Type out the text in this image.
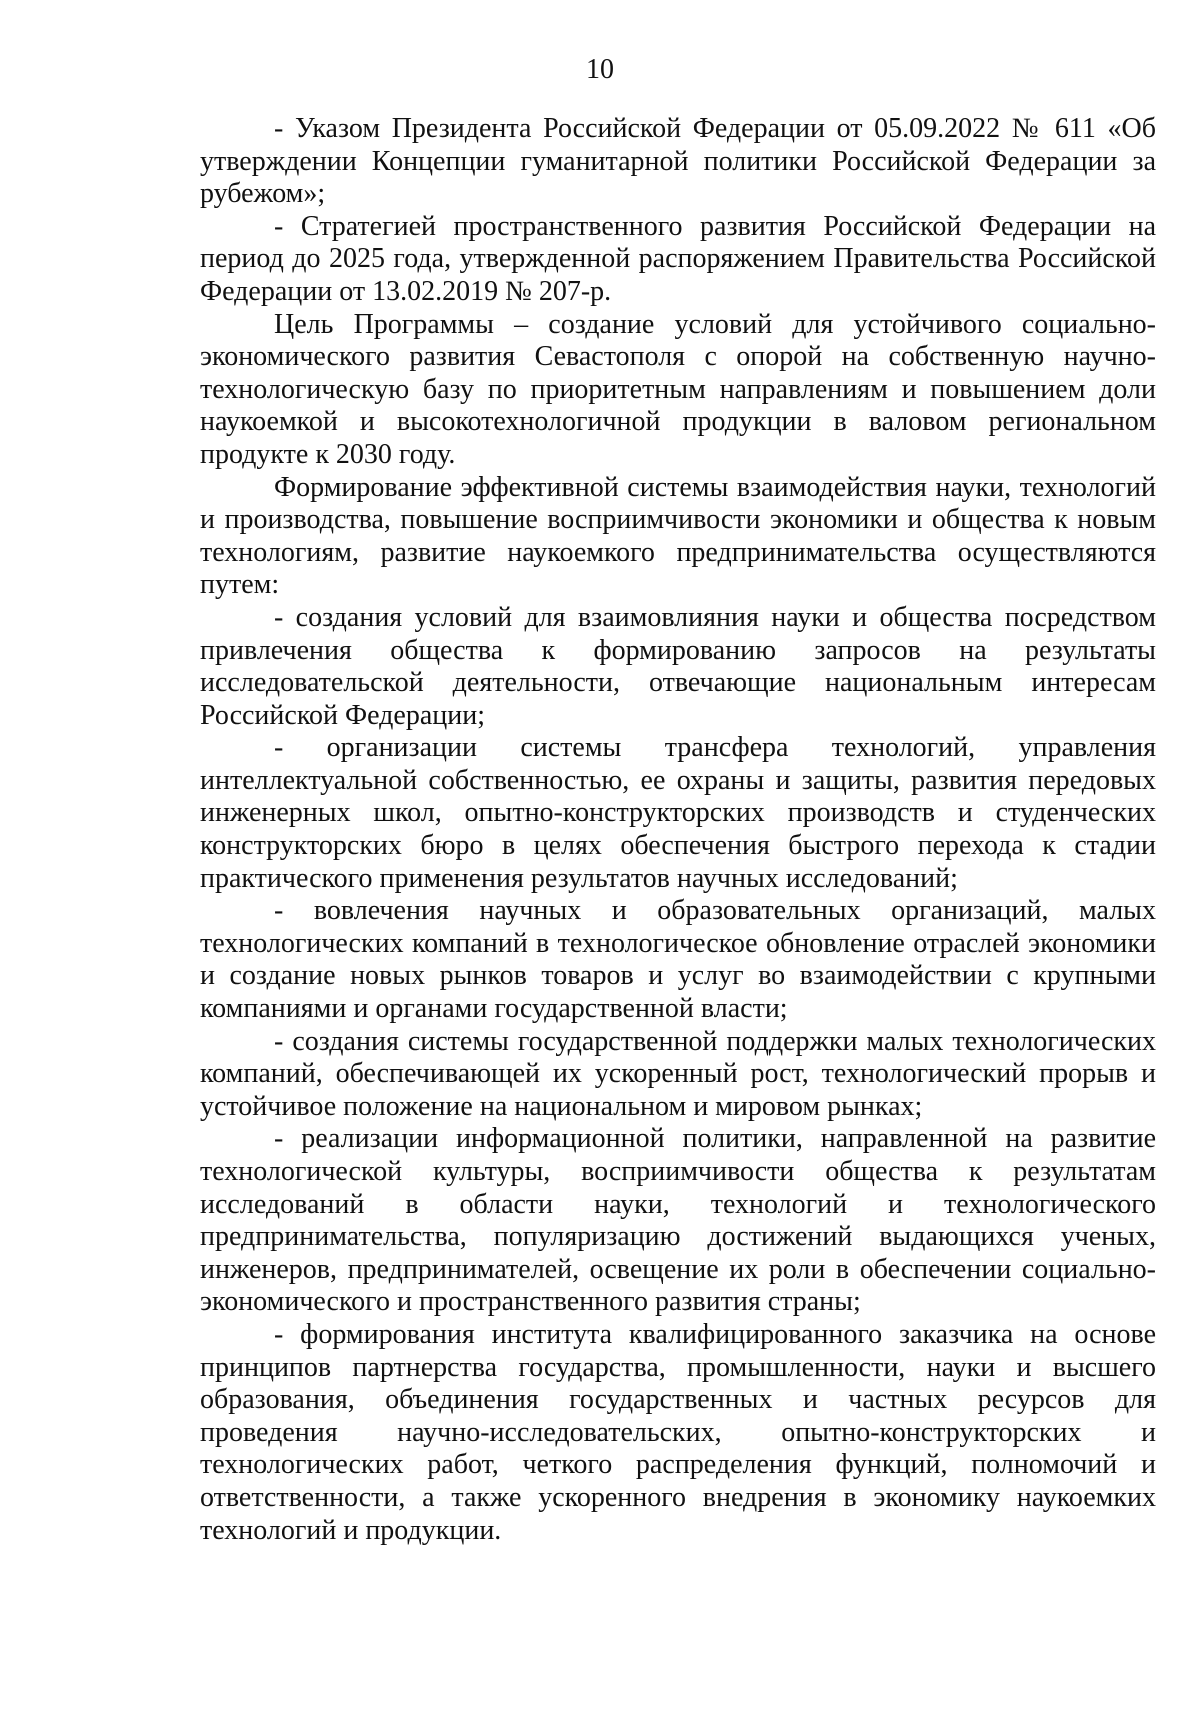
10

- Указом Президента Российской Федерации от 05.09.2022 № 611 «Об утверждении Концепции гуманитарной политики Российской Федерации за рубежом»;

- Стратегией пространственного развития Российской Федерации на период до 2025 года, утвержденной распоряжением Правительства Российской Федерации от 13.02.2019 № 207-р.

Цель Программы – создание условий для устойчивого социально-экономического развития Севастополя с опорой на собственную научно-технологическую базу по приоритетным направлениям и повышением доли наукоемкой и высокотехнологичной продукции в валовом региональном продукте к 2030 году.

Формирование эффективной системы взаимодействия науки, технологий и производства, повышение восприимчивости экономики и общества к новым технологиям, развитие наукоемкого предпринимательства осуществляются путем:

- создания условий для взаимовлияния науки и общества посредством привлечения общества к формированию запросов на результаты исследовательской деятельности, отвечающие национальным интересам Российской Федерации;

- организации системы трансфера технологий, управления интеллектуальной собственностью, ее охраны и защиты, развития передовых инженерных школ, опытно-конструкторских производств и студенческих конструкторских бюро в целях обеспечения быстрого перехода к стадии практического применения результатов научных исследований;

- вовлечения научных и образовательных организаций, малых технологических компаний в технологическое обновление отраслей экономики и создание новых рынков товаров и услуг во взаимодействии с крупными компаниями и органами государственной власти;

- создания системы государственной поддержки малых технологических компаний, обеспечивающей их ускоренный рост, технологический прорыв и устойчивое положение на национальном и мировом рынках;

- реализации информационной политики, направленной на развитие технологической культуры, восприимчивости общества к результатам исследований в области науки, технологий и технологического предпринимательства, популяризацию достижений выдающихся ученых, инженеров, предпринимателей, освещение их роли в обеспечении социально-экономического и пространственного развития страны;

- формирования института квалифицированного заказчика на основе принципов партнерства государства, промышленности, науки и высшего образования, объединения государственных и частных ресурсов для проведения научно-исследовательских, опытно-конструкторских и технологических работ, четкого распределения функций, полномочий и ответственности, а также ускоренного внедрения в экономику наукоемких технологий и продукции.
